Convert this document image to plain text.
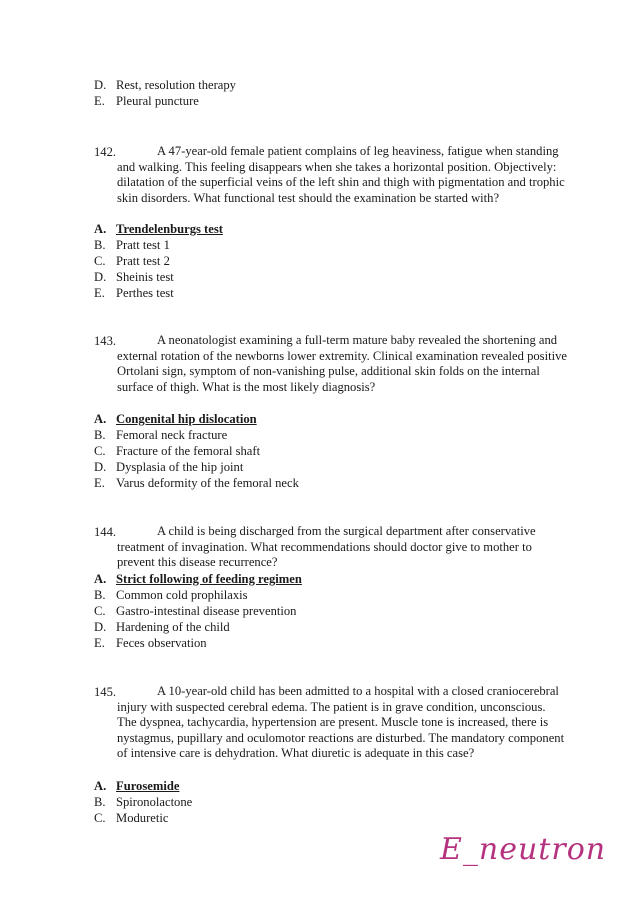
D. Rest, resolution therapy
E. Pleural puncture
142.	A 47-year-old female patient complains of leg heaviness, fatigue when standing and walking. This feeling disappears when she takes a horizontal position. Objectively: dilatation of the superficial veins of the left shin and thigh with pigmentation and trophic skin disorders. What functional test should the examination be started with?
A. Trendelenburgs test
B. Pratt test 1
C. Pratt test 2
D. Sheinis test
E. Perthes test
143.	A neonatologist examining a full-term mature baby revealed the shortening and external rotation of the newborns lower extremity. Clinical examination revealed positive Ortolani sign, symptom of non-vanishing pulse, additional skin folds on the internal surface of thigh. What is the most likely diagnosis?
A. Congenital hip dislocation
B. Femoral neck fracture
C. Fracture of the femoral shaft
D. Dysplasia of the hip joint
E. Varus deformity of the femoral neck
144.	A child is being discharged from the surgical department after conservative treatment of invagination. What recommendations should doctor give to mother to prevent this disease recurrence?
A. Strict following of feeding regimen
B. Common cold prophilaxis
C. Gastro-intestinal disease prevention
D. Hardening of the child
E. Feces observation
145.	A 10-year-old child has been admitted to a hospital with a closed craniocerebral injury with suspected cerebral edema. The patient is in grave condition, unconscious. The dyspnea, tachycardia, hypertension are present. Muscle tone is increased, there is nystagmus, pupillary and oculomotor reactions are disturbed. The mandatory component of intensive care is dehydration. What diuretic is adequate in this case?
A. Furosemide
B. Spironolactone
C. Moduretic
E_neutron
